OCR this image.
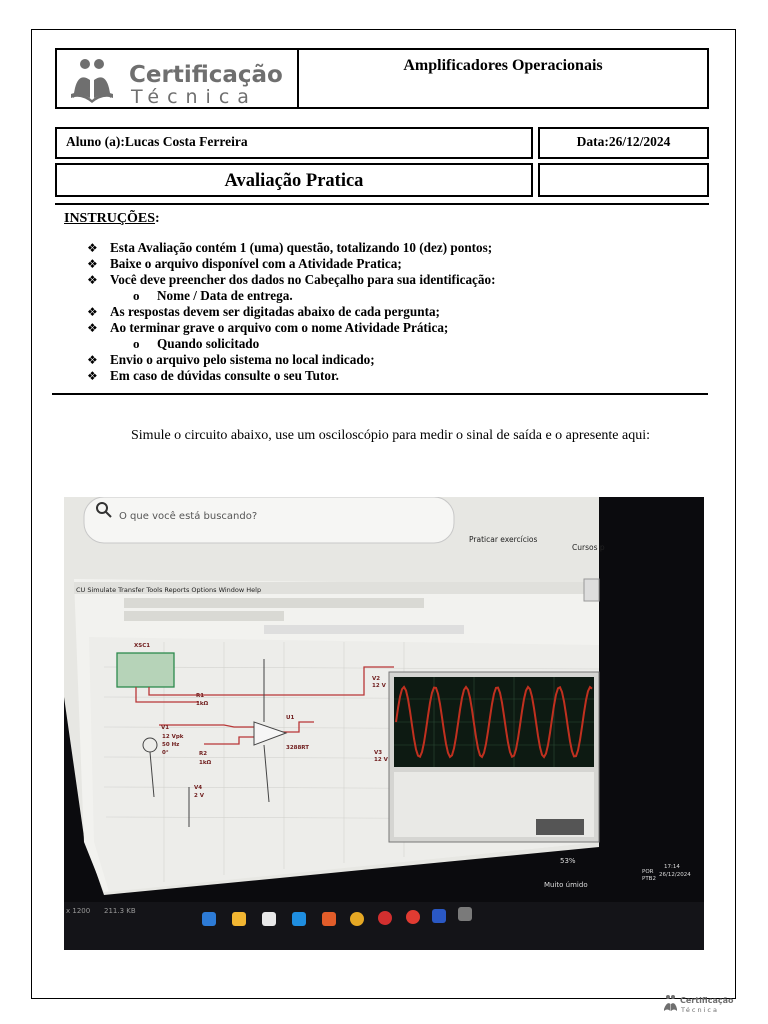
Certificação
Técnica
Amplificadores Operacionais
Aluno (a):Lucas Costa Ferreira	Data:26/12/2024
Avaliação Pratica
INSTRUÇÕES:
❖ Esta Avaliação contém 1 (uma) questão, totalizando 10 (dez) pontos;
❖ Baixe o arquivo disponível com a Atividade Pratica;
❖ Você deve preencher dos dados no Cabeçalho para sua identificação:
o Nome / Data de entrega.
❖ As respostas devem ser digitadas abaixo de cada pergunta;
❖ Ao terminar grave o arquivo com o nome Atividade Prática;
o Quando solicitado
❖ Envio o arquivo pelo sistema no local indicado;
❖ Em caso de dúvidas consulte o seu Tutor.

Simule o circuito abaixo, use um osciloscópio para medir o sinal de saída e o apresente aqui:

O que você está buscando?
Praticar exercícios
Cursos p
CU Simulate Transfer Tools Reports Options Window Help
XSC1
R1
1kΩ
V1
12 Vpk
50 Hz
0°	R2
1kΩ
U1
3288RT
V4
2 V
V2
12 V
V3
12 V
x 1200 211.3 KB
Muito úmido
53%
POR
PTB2
17:14
26/12/2024
Certificação
Técnica
